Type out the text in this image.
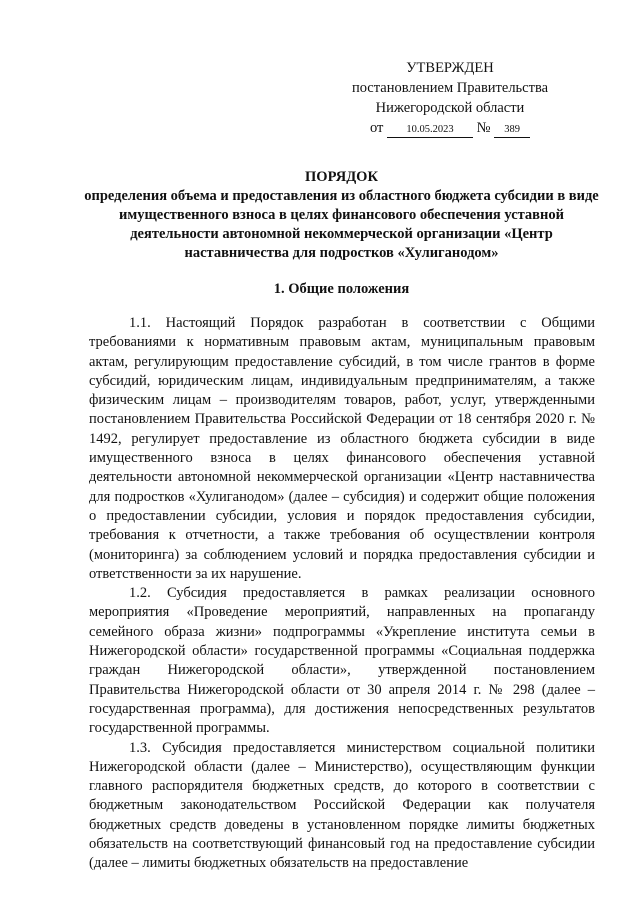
УТВЕРЖДЕН
постановлением Правительства
Нижегородской области
от 10.05.2023 № 389
ПОРЯДОК
определения объема и предоставления из областного бюджета субсидии в виде имущественного взноса в целях финансового обеспечения уставной деятельности автономной некоммерческой организации «Центр наставничества для подростков «Хулиганодом»
1. Общие положения

1.1. Настоящий Порядок разработан в соответствии с Общими требованиями к нормативным правовым актам, муниципальным правовым актам, регулирующим предоставление субсидий, в том числе грантов в форме субсидий, юридическим лицам, индивидуальным предпринимателям, а также физическим лицам – производителям товаров, работ, услуг, утвержденными постановлением Правительства Российской Федерации от 18 сентября 2020 г. № 1492, регулирует предоставление из областного бюджета субсидии в виде имущественного взноса в целях финансового обеспечения уставной деятельности автономной некоммерческой организации «Центр наставничества для подростков «Хулиганодом» (далее – субсидия) и содержит общие положения о предоставлении субсидии, условия и порядок предоставления субсидии, требования к отчетности, а также требования об осуществлении контроля (мониторинга) за соблюдением условий и порядка предоставления субсидии и ответственности за их нарушение.

1.2. Субсидия предоставляется в рамках реализации основного мероприятия «Проведение мероприятий, направленных на пропаганду семейного образа жизни» подпрограммы «Укрепление института семьи в Нижегородской области» государственной программы «Социальная поддержка граждан Нижегородской области», утвержденной постановлением Правительства Нижегородской области от 30 апреля 2014 г. № 298 (далее – государственная программа), для достижения непосредственных результатов государственной программы.

1.3. Субсидия предоставляется министерством социальной политики Нижегородской области (далее – Министерство), осуществляющим функции главного распорядителя бюджетных средств, до которого в соответствии с бюджетным законодательством Российской Федерации как получателя бюджетных средств доведены в установленном порядке лимиты бюджетных обязательств на соответствующий финансовый год на предоставление субсидии (далее – лимиты бюджетных обязательств на предоставление
